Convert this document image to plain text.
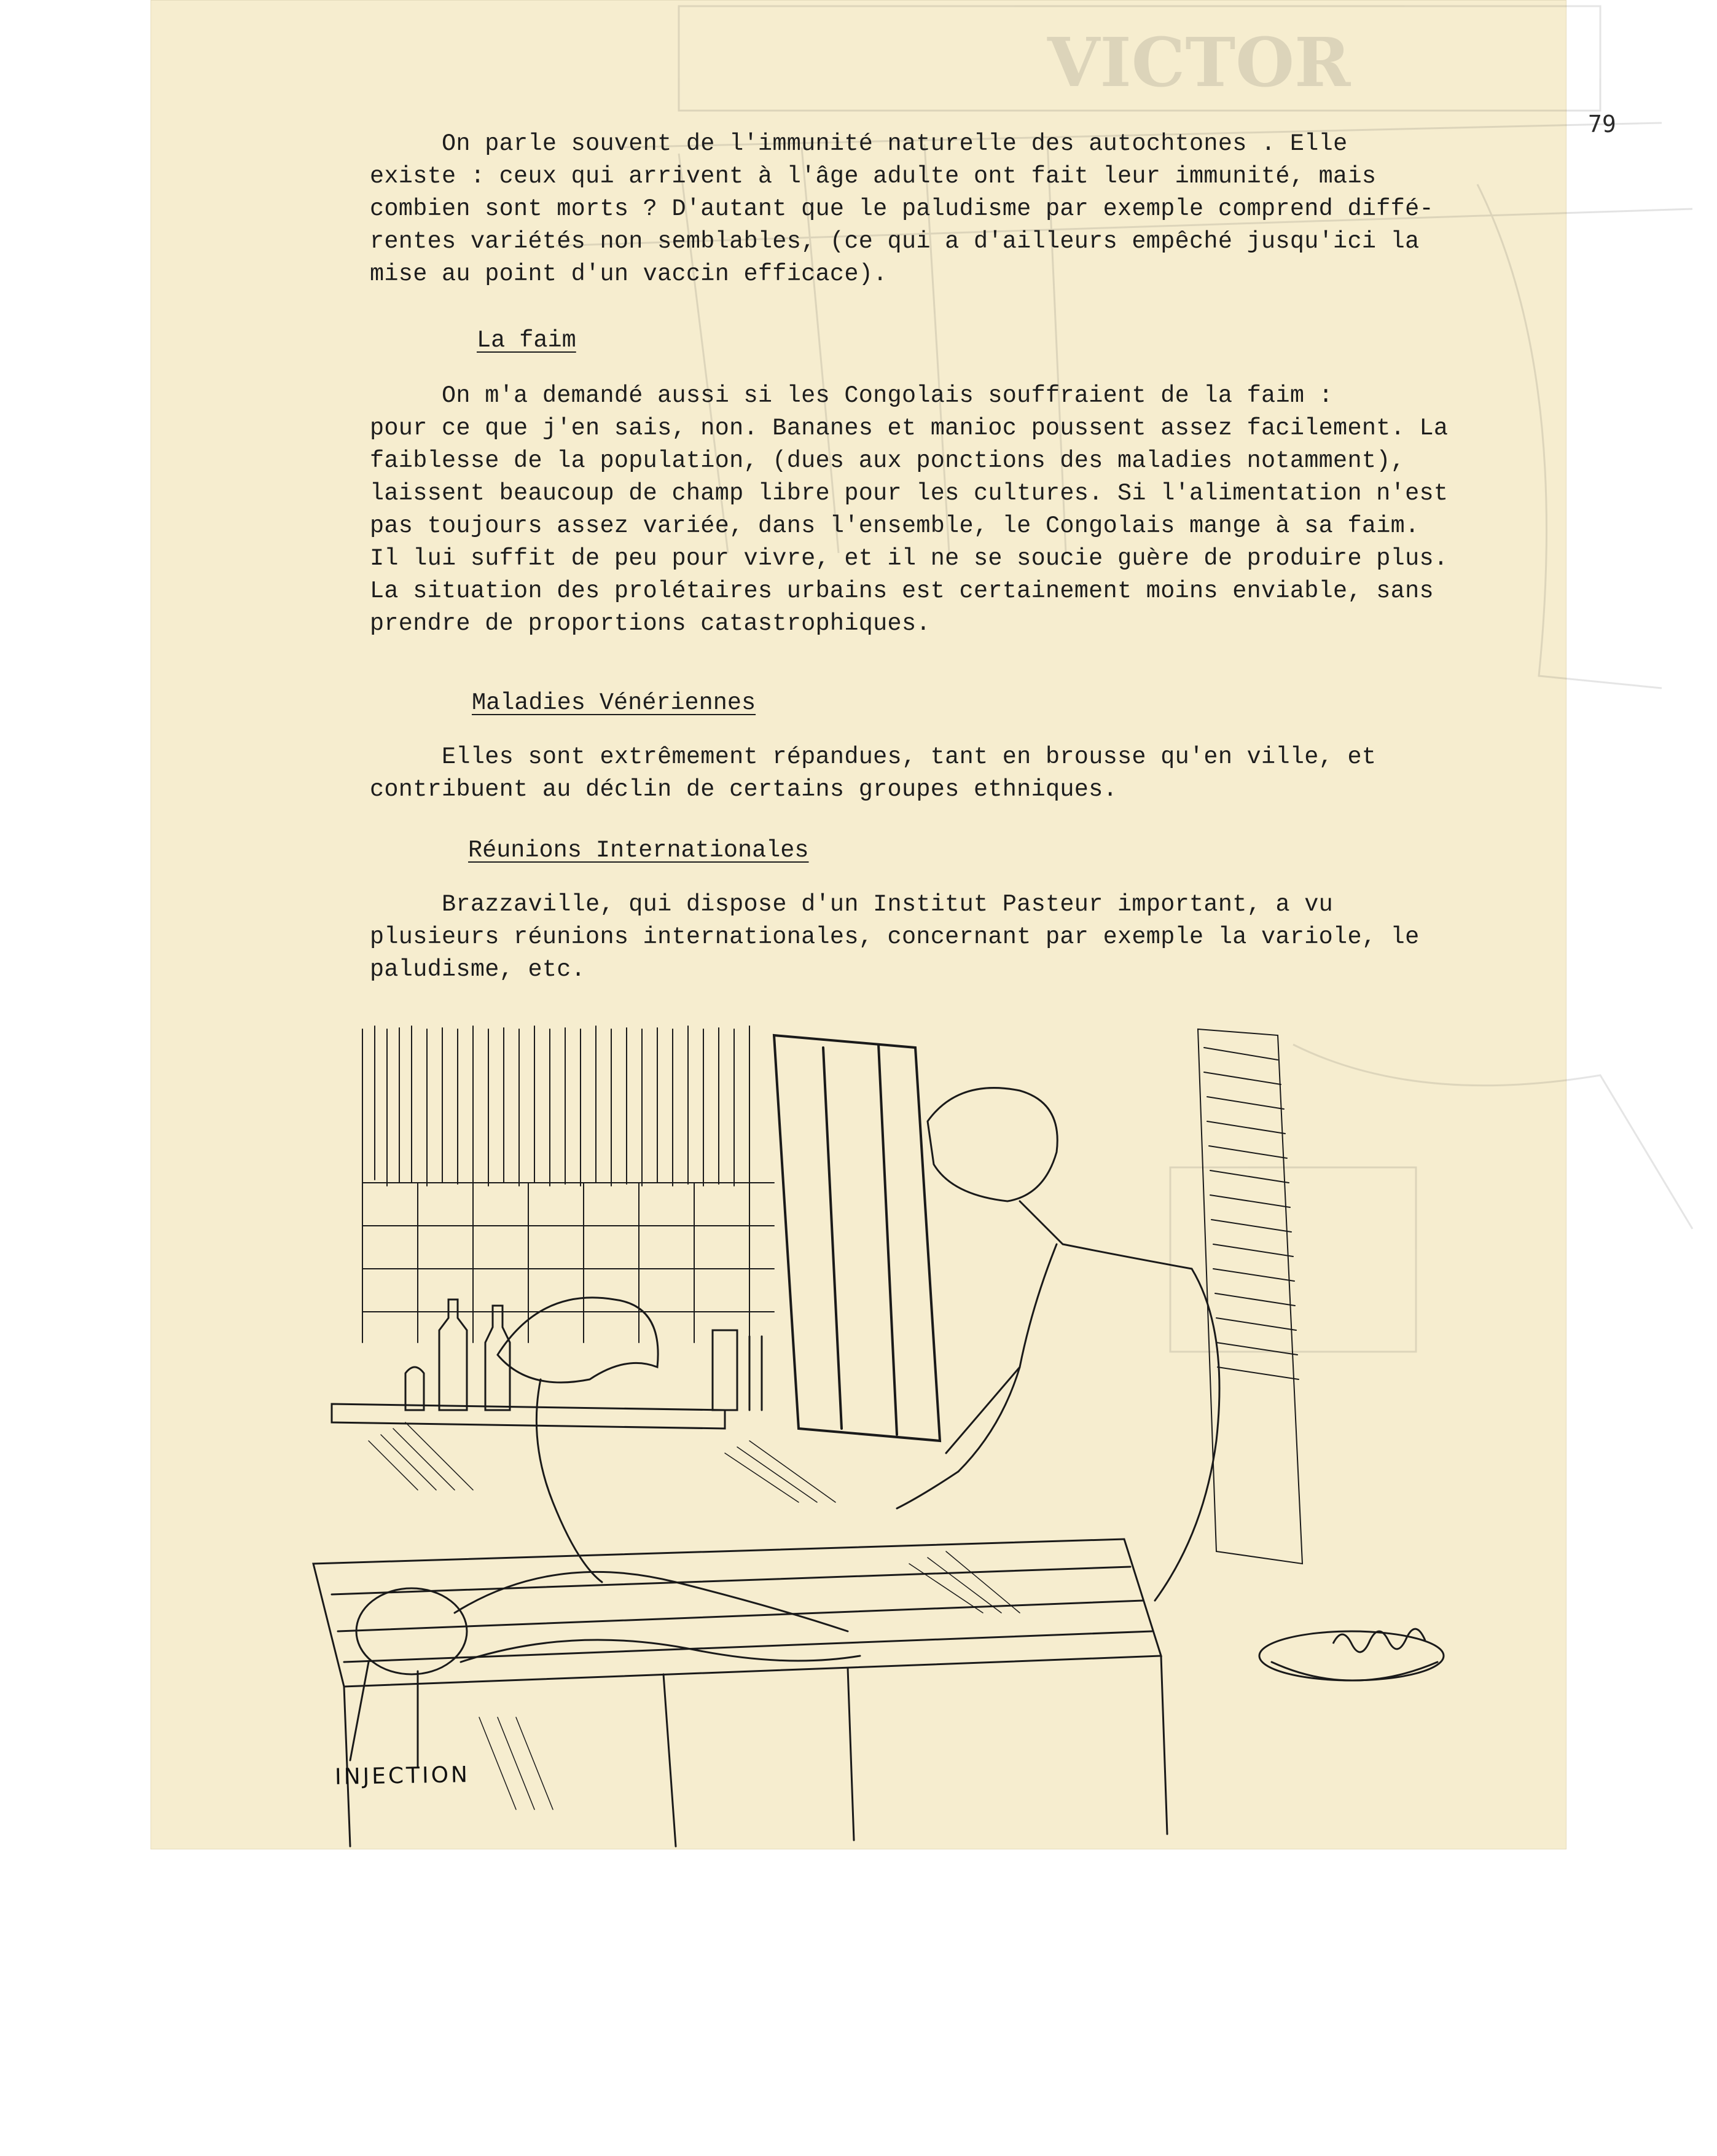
VICTOR
79
On parle souvent de l'immunité naturelle des autochtones . Elle
existe : ceux qui arrivent à l'âge adulte ont fait leur immunité, mais
combien sont morts ? D'autant que le paludisme par exemple comprend diffé-
rentes variétés non semblables, (ce qui a d'ailleurs empêché jusqu'ici la
mise au point d'un vaccin efficace).
La faim
On m'a demandé aussi si les Congolais souffraient de la faim :
pour ce que j'en sais, non. Bananes et manioc poussent assez facilement. La
faiblesse de la population, (dues aux ponctions des maladies notamment),
laissent beaucoup de champ libre pour les cultures. Si l'alimentation n'est
pas toujours assez variée, dans l'ensemble, le Congolais mange à sa faim.
Il lui suffit de peu pour vivre, et il ne se soucie guère de produire plus.
La situation des prolétaires urbains est certainement moins enviable, sans
prendre de proportions catastrophiques.
Maladies Vénériennes
Elles sont extrêmement répandues, tant en brousse qu'en ville, et
contribuent au déclin de certains groupes ethniques.
Réunions Internationales
Brazzaville, qui dispose d'un Institut Pasteur important, a vu
plusieurs réunions internationales, concernant par exemple la variole, le
paludisme, etc.
INJECTION
